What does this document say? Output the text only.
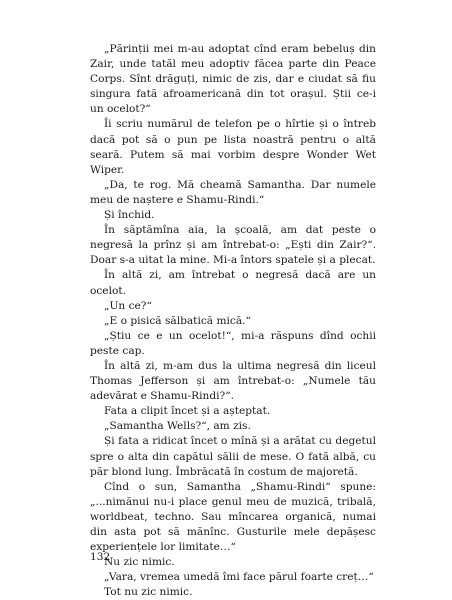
„Părinții mei m-au adoptat cînd eram bebeluș din Zair, unde tatăl meu adoptiv făcea parte din Peace Corps. Sînt drăguți, nimic de zis, dar e ciudat să fiu singura fată afroamericană din tot orașul. Știi ce-i un ocelot?“

Îi scriu numărul de telefon pe o hîrtie și o întreb dacă pot să o pun pe lista noastră pentru o altă seară. Putem să mai vorbim despre Wonder Wet Wiper.

„Da, te rog. Mă cheamă Samantha. Dar numele meu de naștere e Shamu-Rindi.“

Și închid.

În săptămîna aia, la școală, am dat peste o negresă la prînz și am întrebat-o: „Ești din Zair?“. Doar s-a uitat la mine. Mi-a întors spatele și a plecat.

În altă zi, am întrebat o negresă dacă are un ocelot.

„Un ce?“

„E o pisică sălbatică mică.“

„Știu ce e un ocelot!“, mi-a răspuns dînd ochii peste cap.

În altă zi, m-am dus la ultima negresă din liceul Thomas Jefferson și am întrebat-o: „Numele tău adevărat e Shamu-Rindi?“.

Fata a clipit încet și a așteptat.

„Samantha Wells?“, am zis.

Și fata a ridicat încet o mînă și a arătat cu degetul spre o alta din capătul sălii de mese. O fată albă, cu păr blond lung. Îmbrăcată în costum de majoretă.

Cînd o sun, Samantha „Shamu-Rindi“ spune: „...nimănui nu-i place genul meu de muzică, tribală, worldbeat, techno. Sau mîncarea organică, numai din asta pot să mănînc. Gusturile mele depășesc experiențele lor limitate…“

Nu zic nimic.

„Vara, vremea umedă îmi face părul foarte creț…“

Tot nu zic nimic.

132
